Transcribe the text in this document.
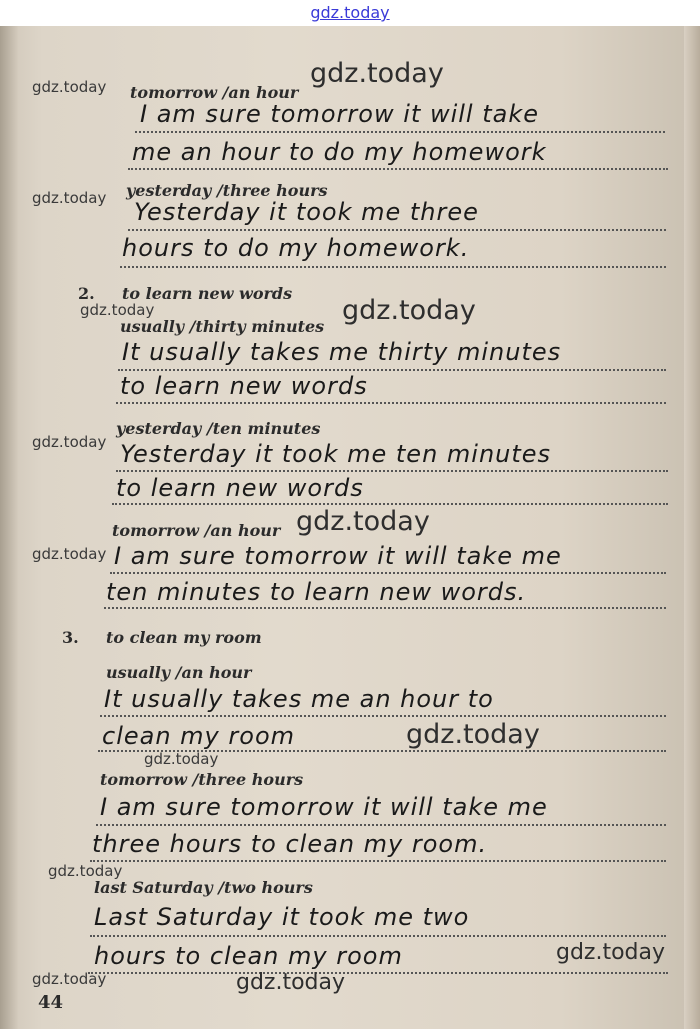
gdz.today
tomorrow /an hour
I am sure tomorrow it will take
me an hour to do my homework
yesterday /three hours
Yesterday it took me three
hours to do my homework.
2. to learn new words
usually /thirty minutes
It usually takes me thirty minutes
to learn new words
yesterday /ten minutes
Yesterday it took me ten minutes
to learn new words
tomorrow /an hour
I am sure tomorrow it will take me
ten minutes to learn new words.
3. to clean my room
usually /an hour
It usually takes me an hour to
clean my room
tomorrow /three hours
I am sure tomorrow it will take me
three hours to clean my room.
last Saturday /two hours
Last Saturday it took me two
hours to clean my room
44
gdz.today	gdz.today
gdz.today
gdz.today	gdz.today
gdz.today
gdz.today
gdz.today
gdz.today
gdz.today
gdz.today
gdz.today
gdz.today	gdz.today
